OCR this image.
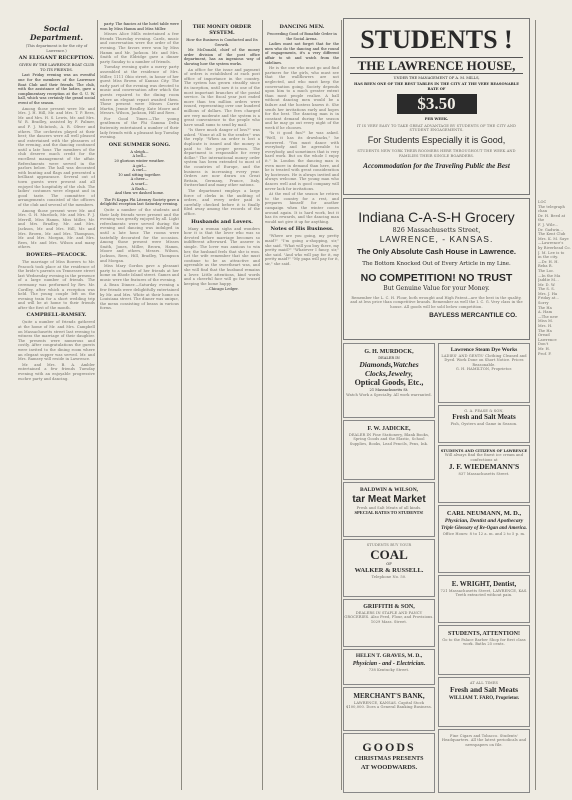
Social Department.

(This department is for the city of Lawrence.)

AN ELEGANT RECEPTION.

GIVEN BY THE LAWRENCE BOAT CLUB TO ITS FRIENDS.

Last Friday evening was an eventful one for the members of the Lawrence Boat Club and their friends. The club, with the assistance of the ladies, gave a complimentary reception at the G. U. W. hall, which was certainly the grand social event of the season.

Among those present were Mr. and Mrs. J. H. Hill, Mr. and Mrs. T. P. Rees, Mr. and Mrs. H. S. Lewis, Mr. and Mrs. W. R. Bradley, assisted by F. Palmer, and F. J. McIntosh, A. R. Oliver and others. The orchestra played at their best; the dancers were all well pleased and entertained with the pleasures of the evening, and the dancing continued until a late hour. The members of the club deserve much credit for the excellent management of the affair. Refreshments were served in the parlors below. The hall was decorated with bunting and flags and presented a brilliant appearance. Several out of town guests were present and all enjoyed the hospitality of the club. The ladies' costumes were elegant and in good taste. The committee of arrangements consisted of the officers of the club and several of the members.

Among those present were Mr. and Mrs. G. H. Murdock, Mr. and Mrs. F. J. Merrill, Miss Hamm, Miss Miller, Mr. and Mrs. Bradley, Mr. and Mrs. Jackson, Mr. and Mrs. Hill, Mr. and Mrs. Brown, Mr. and Mrs. Thompson, Mr. and Mrs. Morgan, Mr. and Mrs. Rees, Mr. and Mrs. Wilson and many others.

BOWERS—PEACOCK.

The marriage of Miss Bowers to Mr. Peacock took place at the residence of the bride's parents on Tennessee street last Wednesday evening in the presence of a large number of friends. The ceremony was performed by Rev. Mr. Cordley, after which a reception was held. The young couple left on the evening train for a short wedding trip and will be at home to their friends after the first of the month.

CAMPBELL-RAMSEY.

Quite a number of friends gathered at the home of Mr. and Mrs. Campbell on Massachusetts street last evening to witness the marriage of their daughter. The presents were numerous and costly. After congratulations the guests were invited to the dining room where an elegant supper was served. Mr. and Mrs. Ramsey will reside in Lawrence.

Mr. and Mrs. B. A. Ambler entertained a few friends Tuesday evening with an enjoyable progressive euchre party and dancing.

party. The fancies at the hotel table were won by Miss Hamm and Miss Miller.

Misses Alice Mills entertained a few friends Thursday evening. Cards, music and conversation were the order of the evening. The favors were won by Miss Hamm and Mr. Jackson. Mr. and Mrs. Smith of the Eldridge gave a dinner party Sunday to a number of friends.

Tuesday evening quite a merry party assembled at the residence of Mrs. Miller, 1111 Ohio street, in honor of her guest Miss Brown of Kansas City. The early part of the evening was devoted to music and conversation after which the guests repaired to the dining room where an elegant repast awaited them. Those present were Misses Carrie Martin, Jennie Bradley, Kate Moore and Messrs. Wilson, Jackson, Hill and Rees.

For Good Times.—The young gentlemen of the Phi Gamma Delta fraternity entertained a number of their lady friends with a pleasant hop Tuesday evening.

ONE SUMMER SONG.
A sleigh—
A bell—
20 glorious winter weather.
A girl—
A curl—
10 and sitting together.
A cheer—
A scarf—
A flash—
And then we dashed home.

The Pi Kappa Phi Literary Society gave a delightful reception last Saturday evening.

Quite a number of the students and their lady friends were present and the evening was greatly enjoyed by all. Light refreshments were served during the evening and dancing was indulged in until a late hour. The rooms were tastefully decorated for the occasion. Among those present were Misses Smith, Jones, Miller, Brown, Hamm, Moore and others, Messrs. Wilson, Jackson, Rees, Hill, Bradley, Thompson and Morgan.

Miss Mary Gordon gave a pleasant party to a number of her friends at her home on Rhode Island street. Games and music were the features of the evening.

A Bean Dinner.—Saturday evening a few friends were delightfully entertained by Mr. and Mrs. White at their home on Louisiana street. The dinner was unique, the menu consisting of beans in various forms.

THE MONEY ORDER SYSTEM.

How the Business is Conducted and Its Growth.

Mr. McDonald, chief of the money order division of the post office department, has an ingenious way of showing how the system works.

An office for the issue and payment of orders is established at each post office of importance in the country. The system has grown steadily since its inception, until now it is one of the most important branches of the postal service. In the fiscal year just ended more than ten million orders were issued, representing over one hundred millions of dollars. The fees charged are very moderate and the system is a great convenience to the people who have small sums to send by mail.

"Is there much danger of loss?" was asked. "None at all to the sender," was the reply. "When an order is lost a duplicate is issued and the money is paid to the proper person. The department is responsible for every dollar." The international money order system has been extended to most of the countries of Europe, and the business is increasing every year. Orders are now drawn on Great Britain, Germany, France, Italy, Switzerland and many other nations.

The department employs a large force of clerks in the auditing of orders, and every order paid is carefully checked before it is finally filed away among the records of the office.

Husbands and Lovers.

Many a woman sighs and wonders how it is that the lover who was so devoted before marriage becomes so indifferent afterward. The answer is simple. The lover was anxious to win her, the husband feels that she is won. Let the wife remember that she must continue to be as attractive and agreeable as the sweetheart was, and she will find that the husband remains a lover. Little attentions, kind words and a cheerful face will go far toward keeping the home happy.

—Chicago Ledger.

DANCING MEN.

Proceeding Good of Bonafide Order in the Social Arena.

Ladies must not forget that for the men who do the dancing and the round of engagements, it's a very different affair to sit and watch from the sidelines.

He is the one who must go and find partners for the girls, who must see that the wallflowers are not neglected, and who must keep the conversation going. Society depends upon him to a much greater extent than most people realize. A ball without dancing men would be a failure and the hostess knows it. She sends her invitations early and hopes for the best. The dancing man is in constant demand during the season and he may go out every night of the week if he chooses.

"Is it good fun?" he was asked. "Well, it has its drawbacks," he answered. "You must dance with everybody and be agreeable to everybody, and sometimes that is very hard work. But on the whole I enjoy it." In London the dancing man is even more in demand than here, and he is treated with great consideration by hostesses. He is always invited and always welcome. The young man who dances well and is good company will never lack for invitations.

At the end of the season he retires to the country for a rest, and prepares himself for another campaign when the winter comes around again. It is hard work, but it has its rewards, and the dancing man would not give it up for anything.

Notes of His Business.

"Where are you going, my pretty maid?" "I'm going a-shopping, sir," she said. "What will you buy there, my pretty maid?" "Whatever I fancy, sir," she said. "And who will pay for it, my pretty maid?" "My papa will pay for it, sir," she said.

STUDENTS !
THE LAWRENCE HOUSE,
UNDER THE MANAGEMENT OF A. M. MILLS,
HAS BEEN ONE OF THE BEST TABLES IN THE CITY AT THE VERY REASONABLE RATE OF
$3.50
PER WEEK.
IT IS VERY EASY TO TAKE GREAT ADVANTAGE BY STUDENTS OF THE CITY AND STUDENT ENGAGEMENTS.
For Students Especially it is Good,
STUDENTS NEW YORK THEIR ROOMERS HERE THROUGHOUT THE WEEK AND FAMILIES THEIR SINGLE BOARDERS.
Accommodation for the Traveling Public the Best
Indiana C-A-S-H Grocery
826 Massachusetts Street,
LAWRENCE, - KANSAS.
The Only Absolute Cash House in Lawrence.
The Bottom Knocked Out of Every Article in my Line.
NO COMPETITION! NO TRUST
But Genuine Value for your Money.
Remember the L. C. H. Flour, both wrought and High Patent—are the best in the quality, and at less price than competitive brands. Remember as well the I. C. G. Very class in the house. All goods will be sold below competition.
BAYLESS MERCANTILE CO.
G. H. MURDOCK,
DEALER IN
Diamonds,Watches Clocks,Jewelry,
Optical Goods, Etc.,
21 Massachusetts St.
Watch Work a Specialty. All work warranted.
F. W. JADICKE,
DEALER IN Fine Stationery, Blank Books, Spring Goods and the Elastic, School Supplies, Books, Lead Pencils, Pens, Ink.
BALDWIN & WILSON,
tar Meat Market
Fresh and Salt Meats of all kinds.
SPECIAL RATES TO STUDENTS!
STUDENTS BUY YOUR
COAL
OF
WALKER & RUSSELL.
Telephone No. 50.
GRIFFITH & SON,
DEALERS IN STAPLE AND FANCY GROCERIES. Also Feed, Flour, and Provisions.
1029 Mass. Street.
HELEN T. GRAVES, M. D.,
Physician - and - Electrician.
738 Kentucky Street.
MERCHANT'S BANK,
LAWRENCE, KANSAS. Capital Stock $100,000. Does a General Banking Business.
GOODS
CHRISTMAS PRESENTS
AT WOODWARDS.
Lawrence Steam Dye Works
LADIES' AND GENTS' Clothing Cleaned and Dyed. Work Done on Short Notice. Prices Reasonable.
G. H. HAMILTON, Proprietor.
G. A. PEASE & SON,
Fresh and Salt Meats
Fish, Oysters and Game in Season.
STUDENTS AND CITIZENS OF LAWRENCE
Will always find the finest ice cream and confections at
J. F. WIEDEMANN'S
837 Massachusetts Street.
CARL NEUMANN, M. D.,
Physician, Dentist and Apothecary
Triple Glossary of Re-Ogan and America.
Office Hours: 8 to 12 a. m. and 2 to 5 p. m.
E. WRIGHT, Dentist,
721 Massachusetts Street, LAWRENCE, KAS. Teeth extracted without pain.
STUDENTS, ATTENTION!
Go to the Palace Barber Shop for first class work. Baths 25 cents.
AT ALL TIMES
Fresh and Salt Meats
WILLIAM T. FARO, Proprietor.
Fine Cigars and Tobacco. Students' Headquarters. All the latest periodicals and newspapers on file.
LOC
The telegraph chan
Dr. H. Beed at the
F. J. Wile...
Dr. Gadwin...
The Kent Club
Mrs. K. M. Saye
—Lawrence's
by Riverhead Co.
J. M. Lee is to
in the city.
—Dr. H. H.
Reba R.
The Loc.
—In the Ma
Jaddie M...
Mr. D. W.
The S. S.
Mrs. J. Ha
Friday at...
Sorry
The Ha
A. Ham
—The new
Miss M.
Mrs. H.
The Ha
Oread
Lawrence
Don't
Mr. H.
Prof. F.
